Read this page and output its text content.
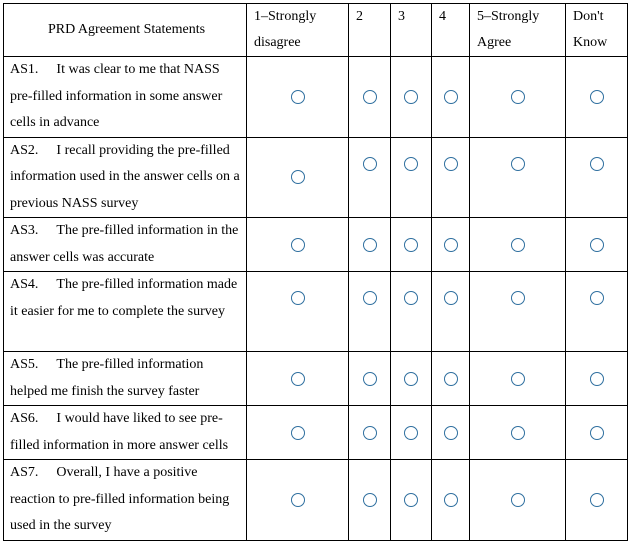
PRD Agreement Statements	1–Strongly disagree	2	3	4	5–Strongly Agree	Don't Know

AS1. It was clear to me that NASS pre-filled information in some answer cells in advance	

AS2. I recall providing the pre-filled information used in the answer cells on a previous NASS survey	

AS3. The pre-filled information in the answer cells was accurate	

AS4. The pre-filled information made it easier for me to complete the survey	

AS5. The pre-filled information helped me finish the survey faster	

AS6. I would have liked to see pre-filled information in more answer cells	

AS7. Overall, I have a positive reaction to pre-filled information being used in the survey	
